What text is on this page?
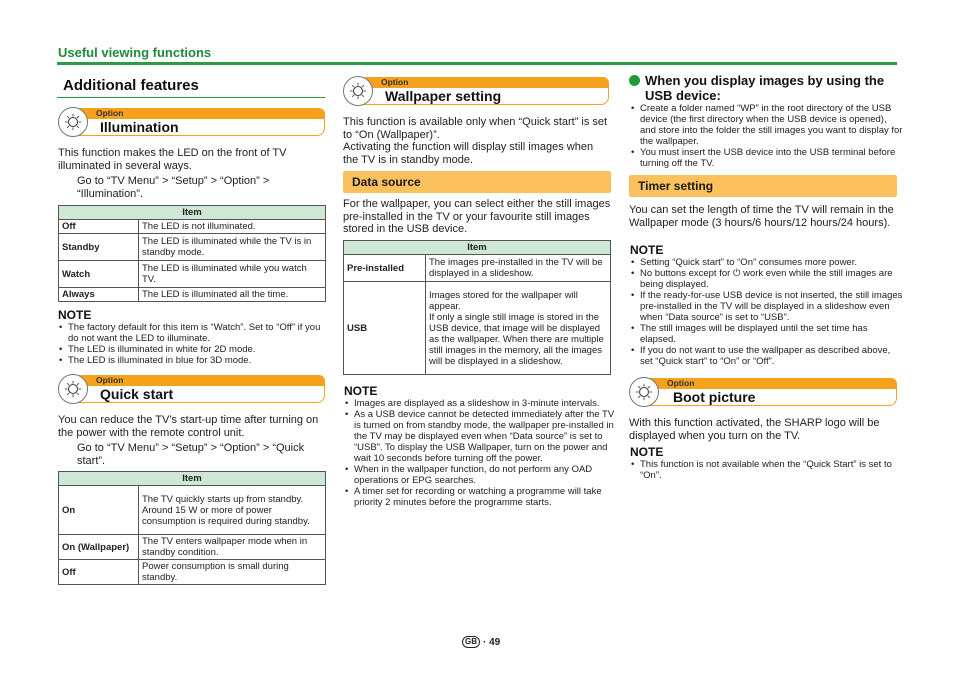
Useful viewing functions
Additional features
Option
Illumination
This function makes the LED on the front of TV illuminated in several ways.
Go to “TV Menu” > “Setup” > “Option” > “Illumination”.
Item	
Off	The LED is not illuminated.
Standby	The LED is illuminated while the TV is in standby mode.
Watch	The LED is illuminated while you watch TV.
Always	The LED is illuminated all the time.
NOTE
• The factory default for this item is “Watch”. Set to “Off” if you do not want the LED to illuminate.
• The LED is illuminated in white for 2D mode.
• The LED is illuminated in blue for 3D mode.
Option
Quick start
You can reduce the TV’s start-up time after turning on the power with the remote control unit.
Go to “TV Menu” > “Setup” > “Option” > “Quick start”.
Item	
On	The TV quickly starts up from standby. Around 15 W or more of power consumption is required during standby.
On (Wallpaper)	The TV enters wallpaper mode when in standby condition.
Off	Power consumption is small during standby.
Option
Wallpaper setting
This function is available only when “Quick start” is set to “On (Wallpaper)”.
Activating the function will display still images when the TV is in standby mode.
Data source
For the wallpaper, you can select either the still images pre-installed in the TV or your favourite still images stored in the USB device.
Item	
Pre-installed	The images pre-installed in the TV will be displayed in a slideshow.
USB	Images stored for the wallpaper will appear.
If only a single still image is stored in the USB device, that image will be displayed as the wallpaper. When there are multiple still images in the memory, all the images will be displayed in a slideshow.
NOTE
• Images are displayed as a slideshow in 3-minute intervals.
• As a USB device cannot be detected immediately after the TV is turned on from standby mode, the wallpaper pre-installed in the TV may be displayed even when “Data source” is set to “USB”. To display the USB Wallpaper, turn on the power and wait 10 seconds before turning off the power.
• When in the wallpaper function, do not perform any OAD operations or EPG searches.
• A timer set for recording or watching a programme will take priority 2 minutes before the programme starts.
When you display images by using the USB device:
• Create a folder named “WP” in the root directory of the USB device (the first directory when the USB device is opened), and store into the folder the still images you want to display for the wallpaper.
• You must insert the USB device into the USB terminal before turning off the TV.
Timer setting
You can set the length of time the TV will remain in the Wallpaper mode (3 hours/6 hours/12 hours/24 hours).
NOTE
• Setting “Quick start” to “On” consumes more power.
• No buttons except for ⏻ work even while the still images are being displayed.
• If the ready-for-use USB device is not inserted, the still images pre-installed in the TV will be displayed in a slideshow even when “Data source” is set to “USB”.
• The still images will be displayed until the set time has elapsed.
• If you do not want to use the wallpaper as described above, set “Quick start” to “On” or “Off”.
Option
Boot picture
With this function activated, the SHARP logo will be displayed when you turn on the TV.
NOTE
• This function is not available when the “Quick Start” is set to “On”.
GB · 49
